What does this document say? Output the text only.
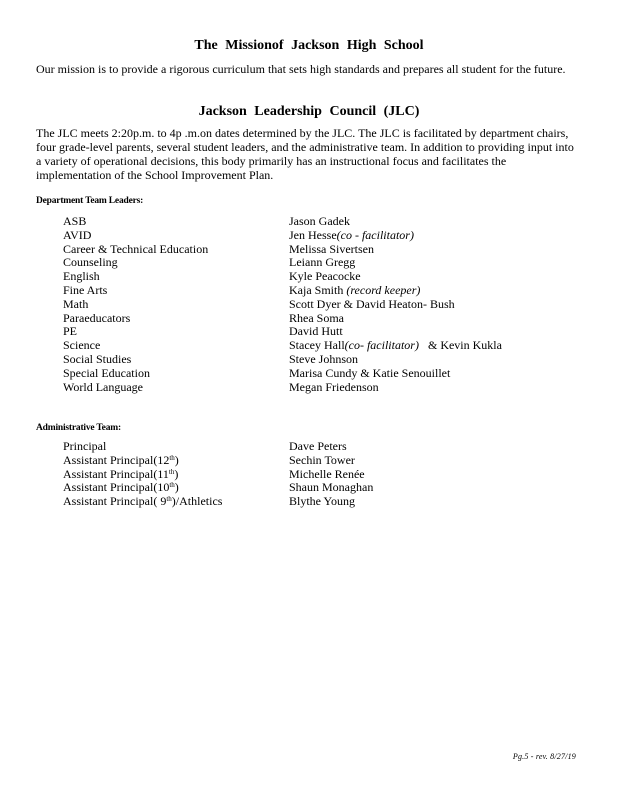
The Missionof Jackson High School

Our mission is to provide a rigorous curriculum that sets high standards and prepares all student for the future.

Jackson Leadership Council (JLC)

The JLC meets 2:20p.m. to 4p .m.on dates determined by the JLC. The JLC is facilitated by department chairs, four grade-level parents, several student leaders, and the administrative team. In addition to providing input into a variety of operational decisions, this body primarily has an instructional focus and facilitates the implementation of the School Improvement Plan.

Department Team Leaders:
ASB	Jason Gadek
AVID	Jen Hesse(co - facilitator)
Career & Technical Education	Melissa Sivertsen
Counseling	Leiann Gregg
English	Kyle Peacocke
Fine Arts	Kaja Smith (record keeper)
Math	Scott Dyer & David Heaton- Bush
Paraeducators	Rhea Soma
PE	David Hutt
Science	Stacey Hall(co- facilitator)   & Kevin Kukla
Social Studies	Steve Johnson
Special Education	Marisa Cundy & Katie Senouillet
World Language	Megan Friedenson
Administrative Team:
Principal	Dave Peters
Assistant Principal(12th)	Sechin Tower
Assistant Principal(11th)	Michelle Renée
Assistant Principal(10th)	Shaun Monaghan
Assistant Principal( 9th)/Athletics	Blythe Young
Pg.5 - rev. 8/27/19
